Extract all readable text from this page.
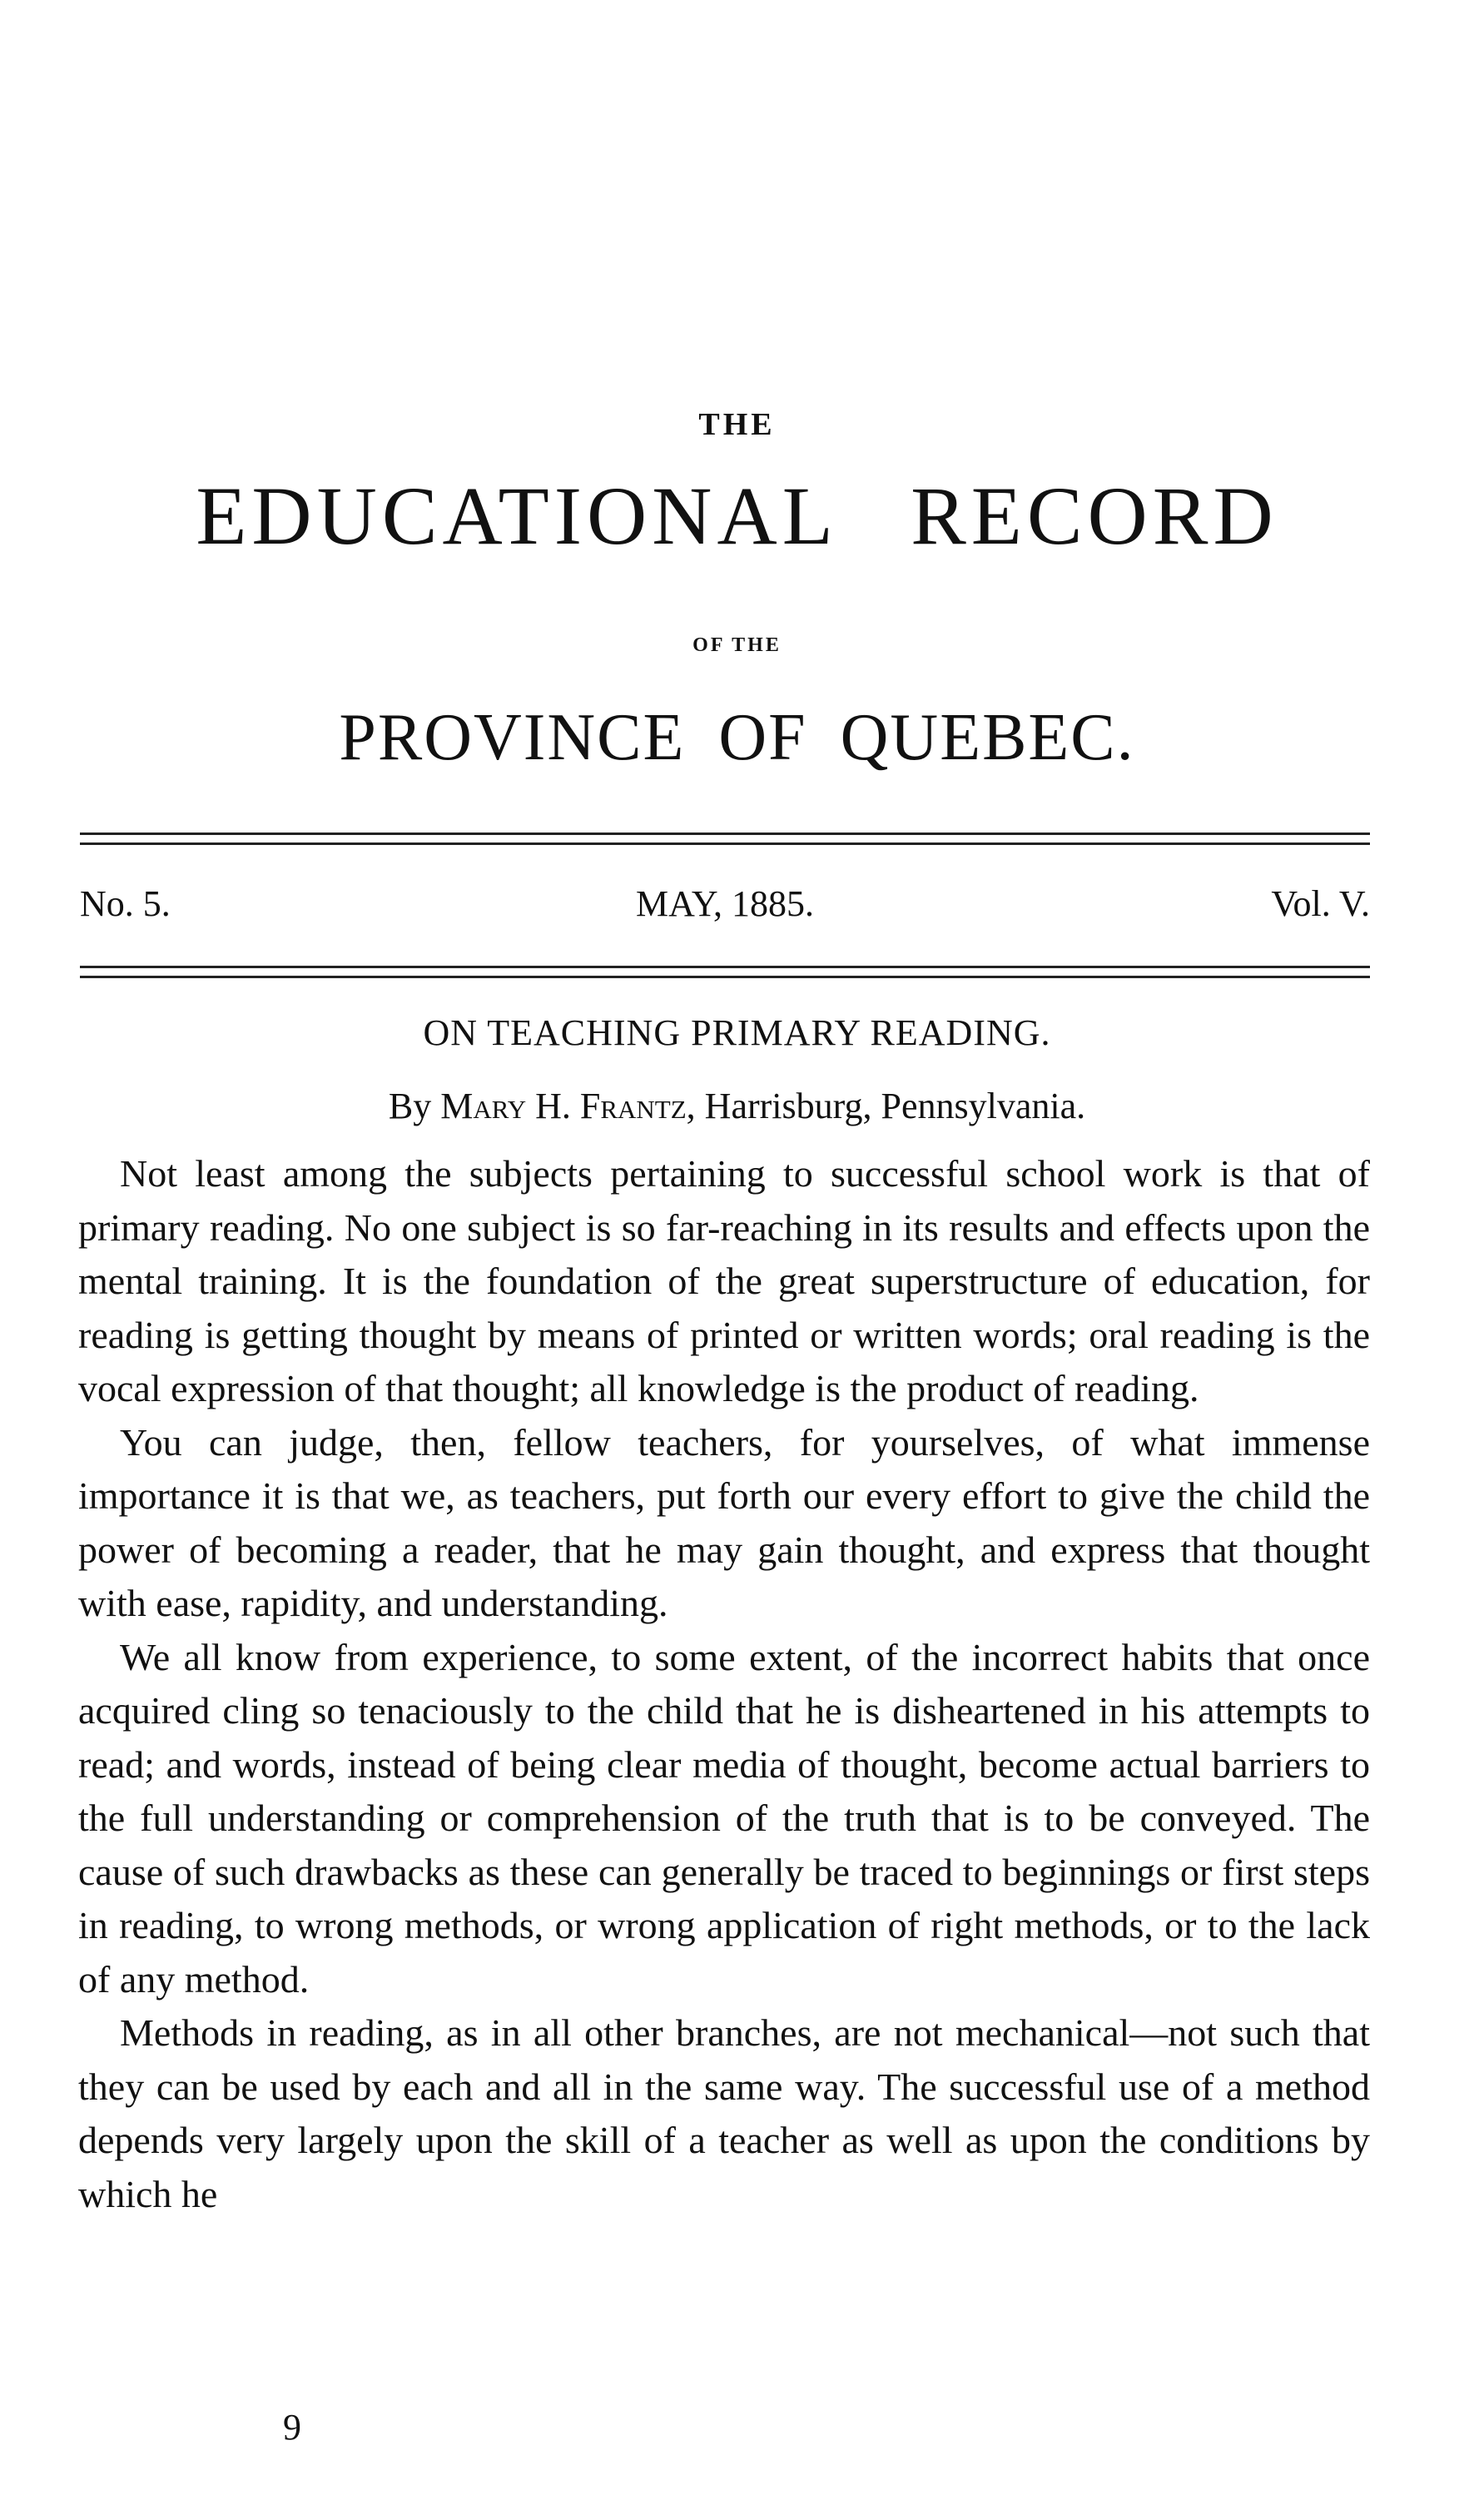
THE
EDUCATIONAL RECORD
OF THE
PROVINCE OF QUEBEC.
No. 5.	MAY, 1885.	Vol. V.
ON TEACHING PRIMARY READING.
By Mary H. Frantz, Harrisburg, Pennsylvania.

Not least among the subjects pertaining to successful school work is that of primary reading. No one subject is so far-reaching in its results and effects upon the mental training. It is the foundation of the great superstructure of education, for reading is getting thought by means of printed or written words; oral reading is the vocal expression of that thought; all knowledge is the product of reading.

You can judge, then, fellow teachers, for yourselves, of what immense importance it is that we, as teachers, put forth our every effort to give the child the power of becoming a reader, that he may gain thought, and express that thought with ease, rapidity, and understanding.

We all know from experience, to some extent, of the incorrect habits that once acquired cling so tenaciously to the child that he is disheartened in his attempts to read; and words, instead of being clear media of thought, become actual barriers to the full understanding or comprehension of the truth that is to be conveyed. The cause of such drawbacks as these can generally be traced to beginnings or first steps in reading, to wrong methods, or wrong application of right methods, or to the lack of any method.

Methods in reading, as in all other branches, are not mechanical—not such that they can be used by each and all in the same way. The successful use of a method depends very largely upon the skill of a teacher as well as upon the conditions by which he

9
